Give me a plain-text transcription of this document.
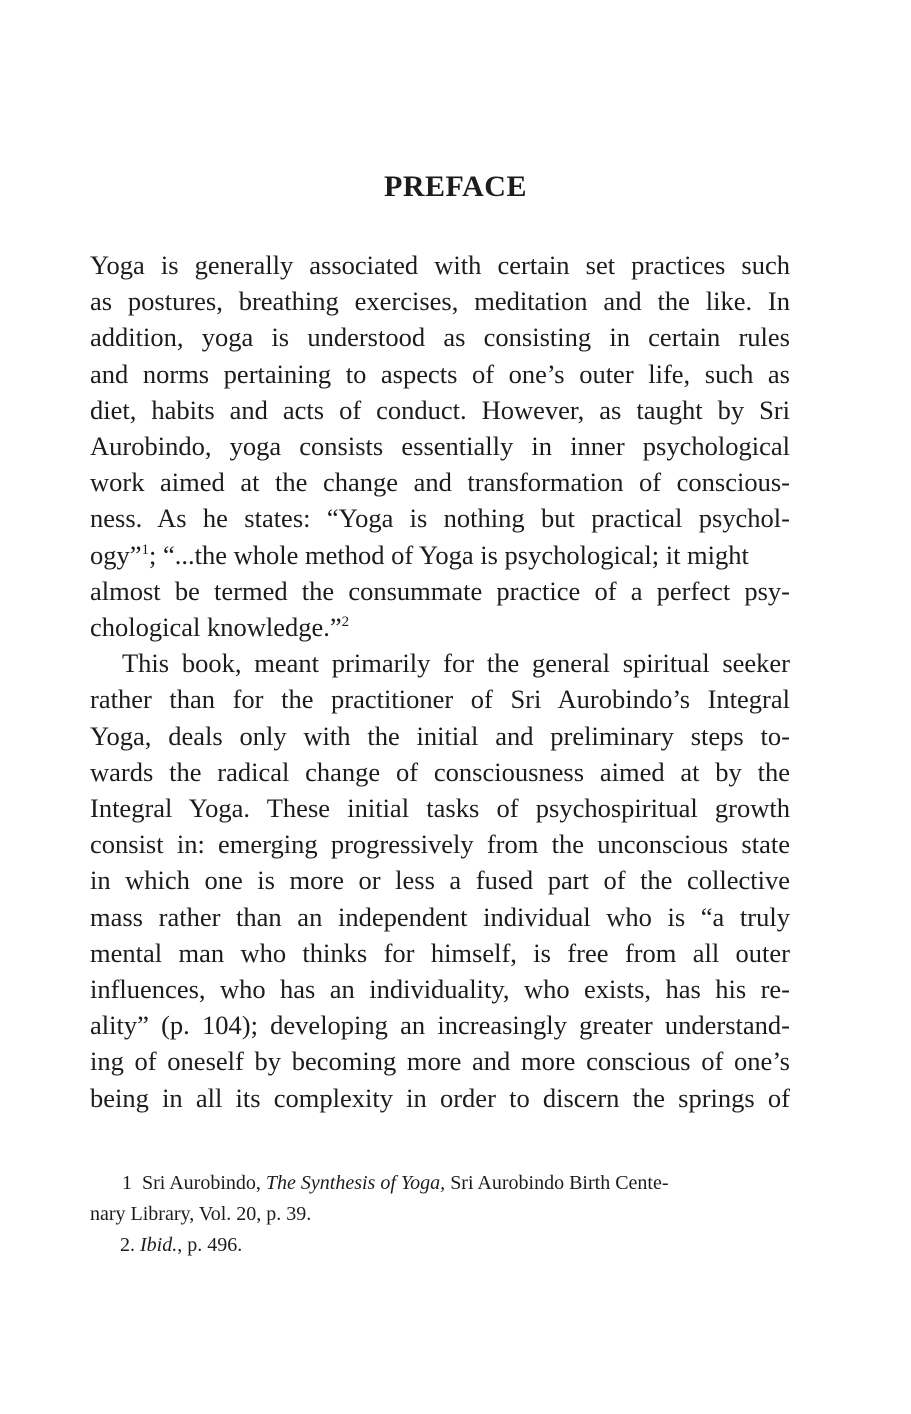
PREFACE
Yoga is generally associated with certain set practices such
as postures, breathing exercises, meditation and the like. In
addition, yoga is understood as consisting in certain rules
and norms pertaining to aspects of one’s outer life, such as
diet, habits and acts of conduct. However, as taught by Sri
Aurobindo, yoga consists essentially in inner psychological
work aimed at the change and transformation of conscious-
ness. As he states: “Yoga is nothing but practical psychol-
ogy”$^1$; “...the whole method of Yoga is psychological; it might
almost be termed the consummate practice of a perfect psy-
chological knowledge.”$^2$
This book, meant primarily for the general spiritual seeker
rather than for the practitioner of Sri Aurobindo’s Integral
Yoga, deals only with the initial and preliminary steps to-
wards the radical change of consciousness aimed at by the
Integral Yoga. These initial tasks of psychospiritual growth
consist in: emerging progressively from the unconscious state
in which one is more or less a fused part of the collective
mass rather than an independent individual who is “a truly
mental man who thinks for himself, is free from all outer
influences, who has an individuality, who exists, has his re-
ality” (p. 104); developing an increasingly greater understand-
ing of oneself by becoming more and more conscious of one’s
being in all its complexity in order to discern the springs of
1 Sri Aurobindo, The Synthesis of Yoga, Sri Aurobindo Birth Cente-
nary Library, Vol. 20, p. 39.
2. Ibid., p. 496.
